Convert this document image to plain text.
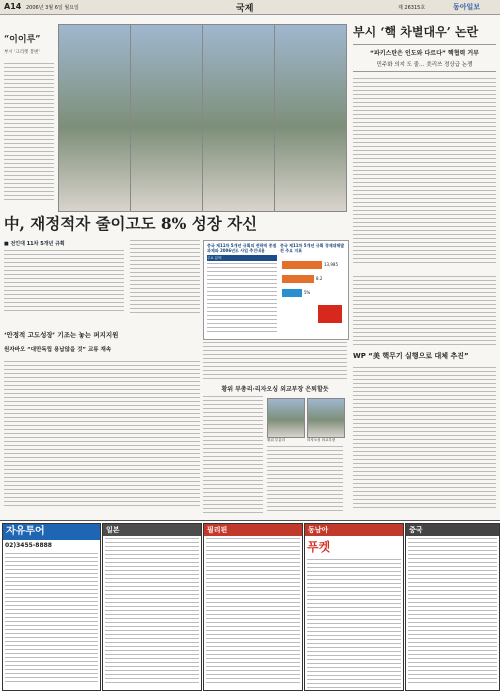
A14 2006년 3월 6일 월요일	국제	제 26315호	동아일보
“이이루”
부시 '크리켓 봉변'
부시 ‘핵 차별대우’ 논란
“파키스탄은 인도와 다르다” 핵협력 거부
민주화 의지 도 줄… 美리쓰 정상급 논쟁
中, 재정적자 줄이고도 8% 성장 자신
■ 전인대 11차 5개년 규획	중국 제11차 5개년 규획의 전략적 중점 과제와 2006년도 사업 추진내용
중국 제11차 5개년 규획 경제대해발전 주요 지표
주요 분야
13,985
8.2
5%
WP “美 핵무기 실행으로 대체 추진”
‘안정적 고도성장’ 기조는 놓는 퍼지지원
원자바오 “대만독립 용납않을 것” 교류 재속
황위 부총리·리자오싱 외교부장 은퇴할듯
황위 부총리	리자오싱 외교부장
자유투어
02)3455-8888
일본	필리핀	동남아
푸켓
중국
